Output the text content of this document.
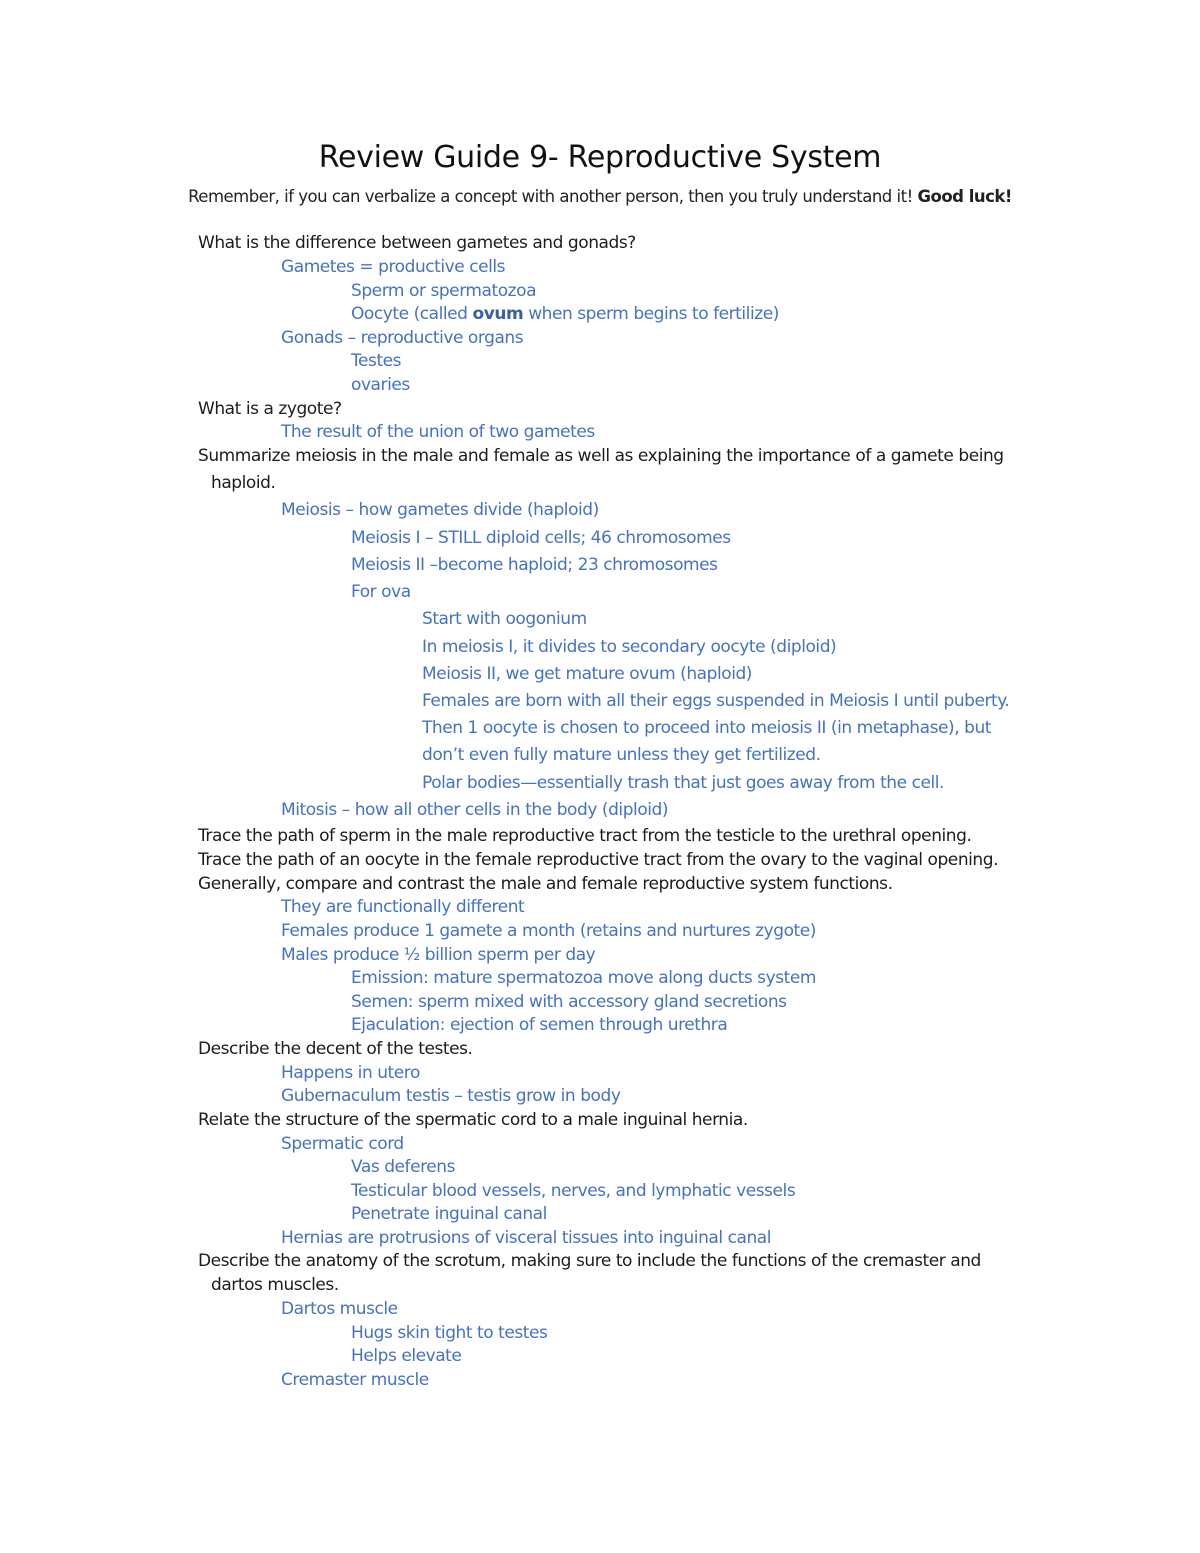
Review Guide 9- Reproductive System
Remember, if you can verbalize a concept with another person, then you truly understand it! Good luck!
What is the difference between gametes and gonads?
Gametes = productive cells
Sperm or spermatozoa
Oocyte (called ovum when sperm begins to fertilize)
Gonads – reproductive organs
Testes
ovaries
What is a zygote?
The result of the union of two gametes
Summarize meiosis in the male and female as well as explaining the importance of a gamete being
haploid.
Meiosis – how gametes divide (haploid)
Meiosis I – STILL diploid cells; 46 chromosomes
Meiosis II –become haploid; 23 chromosomes
For ova
Start with oogonium
In meiosis I, it divides to secondary oocyte (diploid)
Meiosis II, we get mature ovum (haploid)
Females are born with all their eggs suspended in Meiosis I until puberty.
Then 1 oocyte is chosen to proceed into meiosis II (in metaphase), but
don’t even fully mature unless they get fertilized.
Polar bodies—essentially trash that just goes away from the cell.
Mitosis – how all other cells in the body (diploid)
Trace the path of sperm in the male reproductive tract from the testicle to the urethral opening.
Trace the path of an oocyte in the female reproductive tract from the ovary to the vaginal opening.
Generally, compare and contrast the male and female reproductive system functions.
They are functionally different
Females produce 1 gamete a month (retains and nurtures zygote)
Males produce ½ billion sperm per day
Emission: mature spermatozoa move along ducts system
Semen: sperm mixed with accessory gland secretions
Ejaculation: ejection of semen through urethra
Describe the decent of the testes.
Happens in utero
Gubernaculum testis – testis grow in body
Relate the structure of the spermatic cord to a male inguinal hernia.
Spermatic cord
Vas deferens
Testicular blood vessels, nerves, and lymphatic vessels
Penetrate inguinal canal
Hernias are protrusions of visceral tissues into inguinal canal
Describe the anatomy of the scrotum, making sure to include the functions of the cremaster and
dartos muscles.
Dartos muscle
Hugs skin tight to testes
Helps elevate
Cremaster muscle
